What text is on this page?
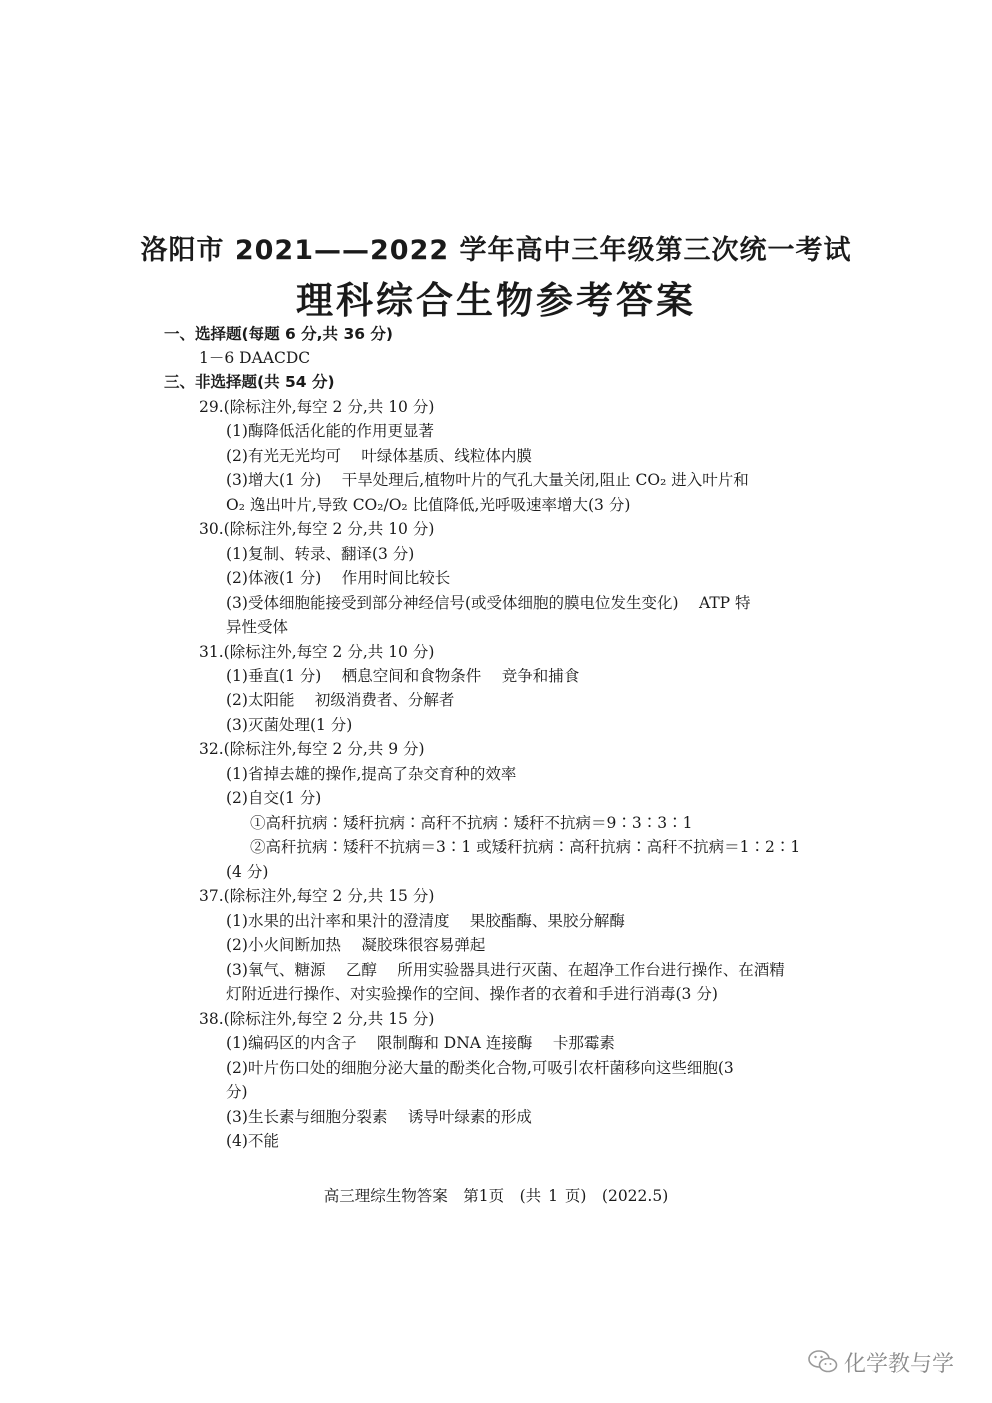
洛阳市 2021——2022 学年高中三年级第三次统一考试
理科综合生物参考答案
一、选择题(每题 6 分,共 36 分)
1－6 DAACDC
三、非选择题(共 54 分)
29.(除标注外,每空 2 分,共 10 分)
(1)酶降低活化能的作用更显著
(2)有光无光均可　 叶绿体基质、线粒体内膜
(3)增大(1 分)　 干旱处理后,植物叶片的气孔大量关闭,阻止 CO₂ 进入叶片和
O₂ 逸出叶片,导致 CO₂/O₂ 比值降低,光呼吸速率增大(3 分)
30.(除标注外,每空 2 分,共 10 分)
(1)复制、转录、翻译(3 分)
(2)体液(1 分)　 作用时间比较长
(3)受体细胞能接受到部分神经信号(或受体细胞的膜电位发生变化)　 ATP 特
异性受体
31.(除标注外,每空 2 分,共 10 分)
(1)垂直(1 分)　 栖息空间和食物条件　 竞争和捕食
(2)太阳能　 初级消费者、分解者
(3)灭菌处理(1 分)
32.(除标注外,每空 2 分,共 9 分)
(1)省掉去雄的操作,提高了杂交育种的效率
(2)自交(1 分)
①高秆抗病∶矮秆抗病∶高秆不抗病∶矮秆不抗病＝9∶3∶3∶1
②高秆抗病∶矮秆不抗病＝3∶1 或矮秆抗病∶高秆抗病∶高秆不抗病＝1∶2∶1
(4 分)
37.(除标注外,每空 2 分,共 15 分)
(1)水果的出汁率和果汁的澄清度　 果胶酯酶、果胶分解酶
(2)小火间断加热　 凝胶珠很容易弹起
(3)氧气、糖源　 乙醇　 所用实验器具进行灭菌、在超净工作台进行操作、在酒精
灯附近进行操作、对实验操作的空间、操作者的衣着和手进行消毒(3 分)
38.(除标注外,每空 2 分,共 15 分)
(1)编码区的内含子　 限制酶和 DNA 连接酶　 卡那霉素
(2)叶片伤口处的细胞分泌大量的酚类化合物,可吸引农杆菌移向这些细胞(3
分)
(3)生长素与细胞分裂素　 诱导叶绿素的形成
(4)不能
高三理综生物答案　第1页　(共 1 页)　(2022.5)
化学教与学
